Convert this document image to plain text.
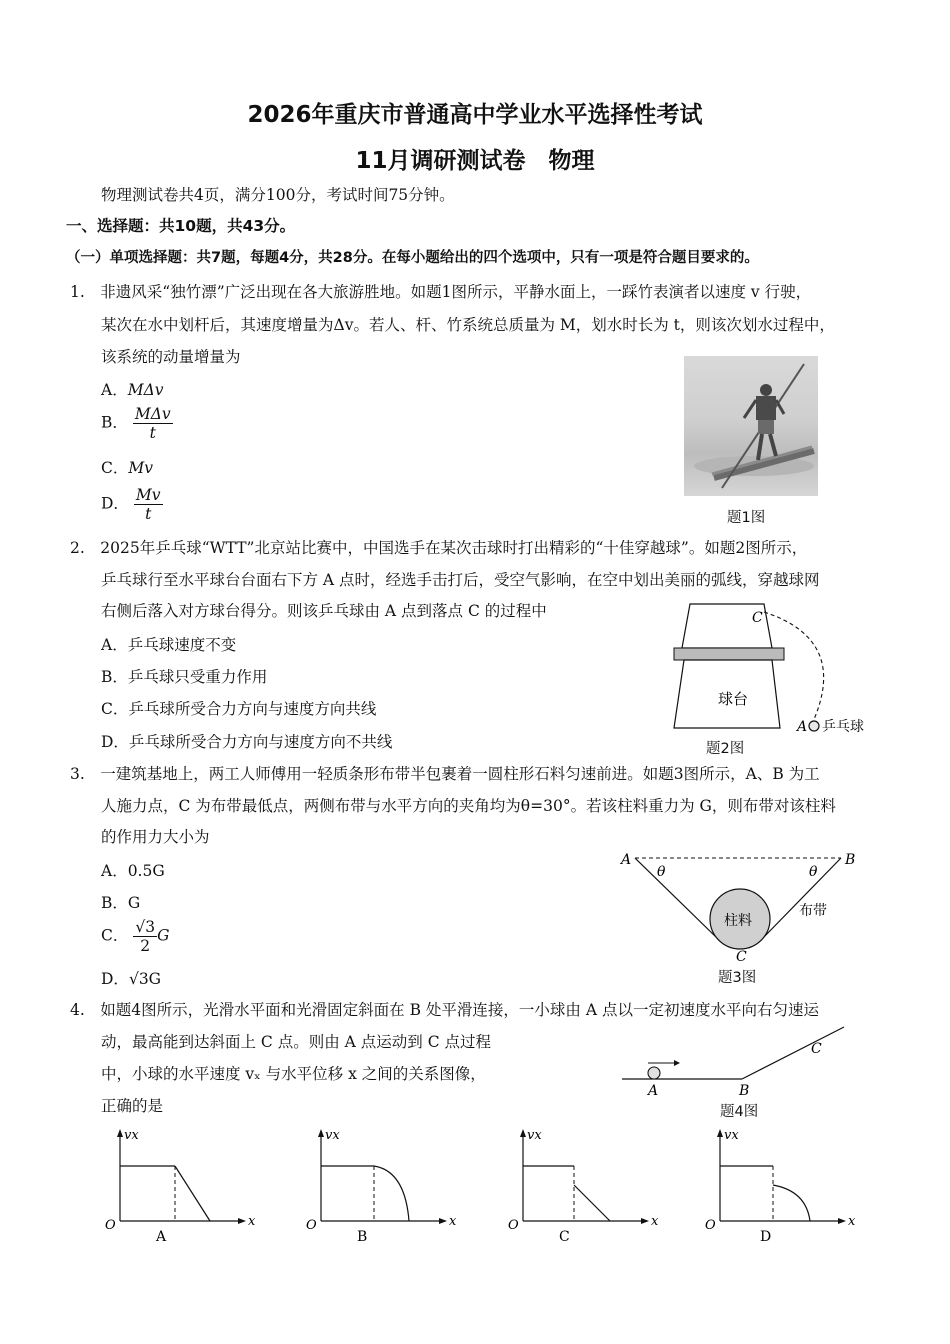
2026年重庆市普通高中学业水平选择性考试
11月调研测试卷　物理
物理测试卷共4页，满分100分，考试时间75分钟。
一、选择题：共10题，共43分。
（一）单项选择题：共7题，每题4分，共28分。在每小题给出的四个选项中，只有一项是符合题目要求的。
1.　非遗风采“独竹漂”广泛出现在各大旅游胜地。如题1图所示，平静水面上，一踩竹表演者以速度 v 行驶，
某次在水中划杆后，其速度增量为Δv。若人、杆、竹系统总质量为 M，划水时长为 t，则该次划水过程中，
该系统的动量增量为
A．MΔv
B． $\frac{\text{MΔv}}{t}$
C．Mv
D． $\frac{Mv}{t}$	题1图
2.　2025年乒乓球“WTT”北京站比赛中，中国选手在某次击球时打出精彩的“十佳穿越球”。如题2图所示，
乒乓球行至水平球台台面右下方 A 点时，经选手击打后，受空气影响，在空中划出美丽的弧线，穿越球网
右侧后落入对方球台得分。则该乒乓球由 A 点到落点 C 的过程中
A．乒乓球速度不变
B．乒乓球只受重力作用
C．乒乓球所受合力方向与速度方向共线
D．乒乓球所受合力方向与速度方向不共线
球台
C
A 乒乓球
题2图
3.　一建筑基地上，两工人师傅用一轻质条形布带半包裹着一圆柱形石料匀速前进。如题3图所示，A、B 为工
人施力点，C 为布带最低点，两侧布带与水平方向的夹角均为θ=30°。若该柱料重力为 G，则布带对该柱料
的作用力大小为
A．0.5G
B．G
C． $\frac{√3}{2}$ G
D．√3G
柱料
布带
A	B
C
θ	θ
题3图
4.　如题4图所示，光滑水平面和光滑固定斜面在 B 处平滑连接，一小球由 A 点以一定初速度水平向右匀速运
动，最高能到达斜面上 C 点。则由 A 点运动到 C 点过程
中，小球的水平速度 vₓ 与水平位移 x 之间的关系图像，
正确的是
A	B
C
题4图
vx
x
O
A
vx
x
O
B
vx
x
O
C
vx
x
O
D
